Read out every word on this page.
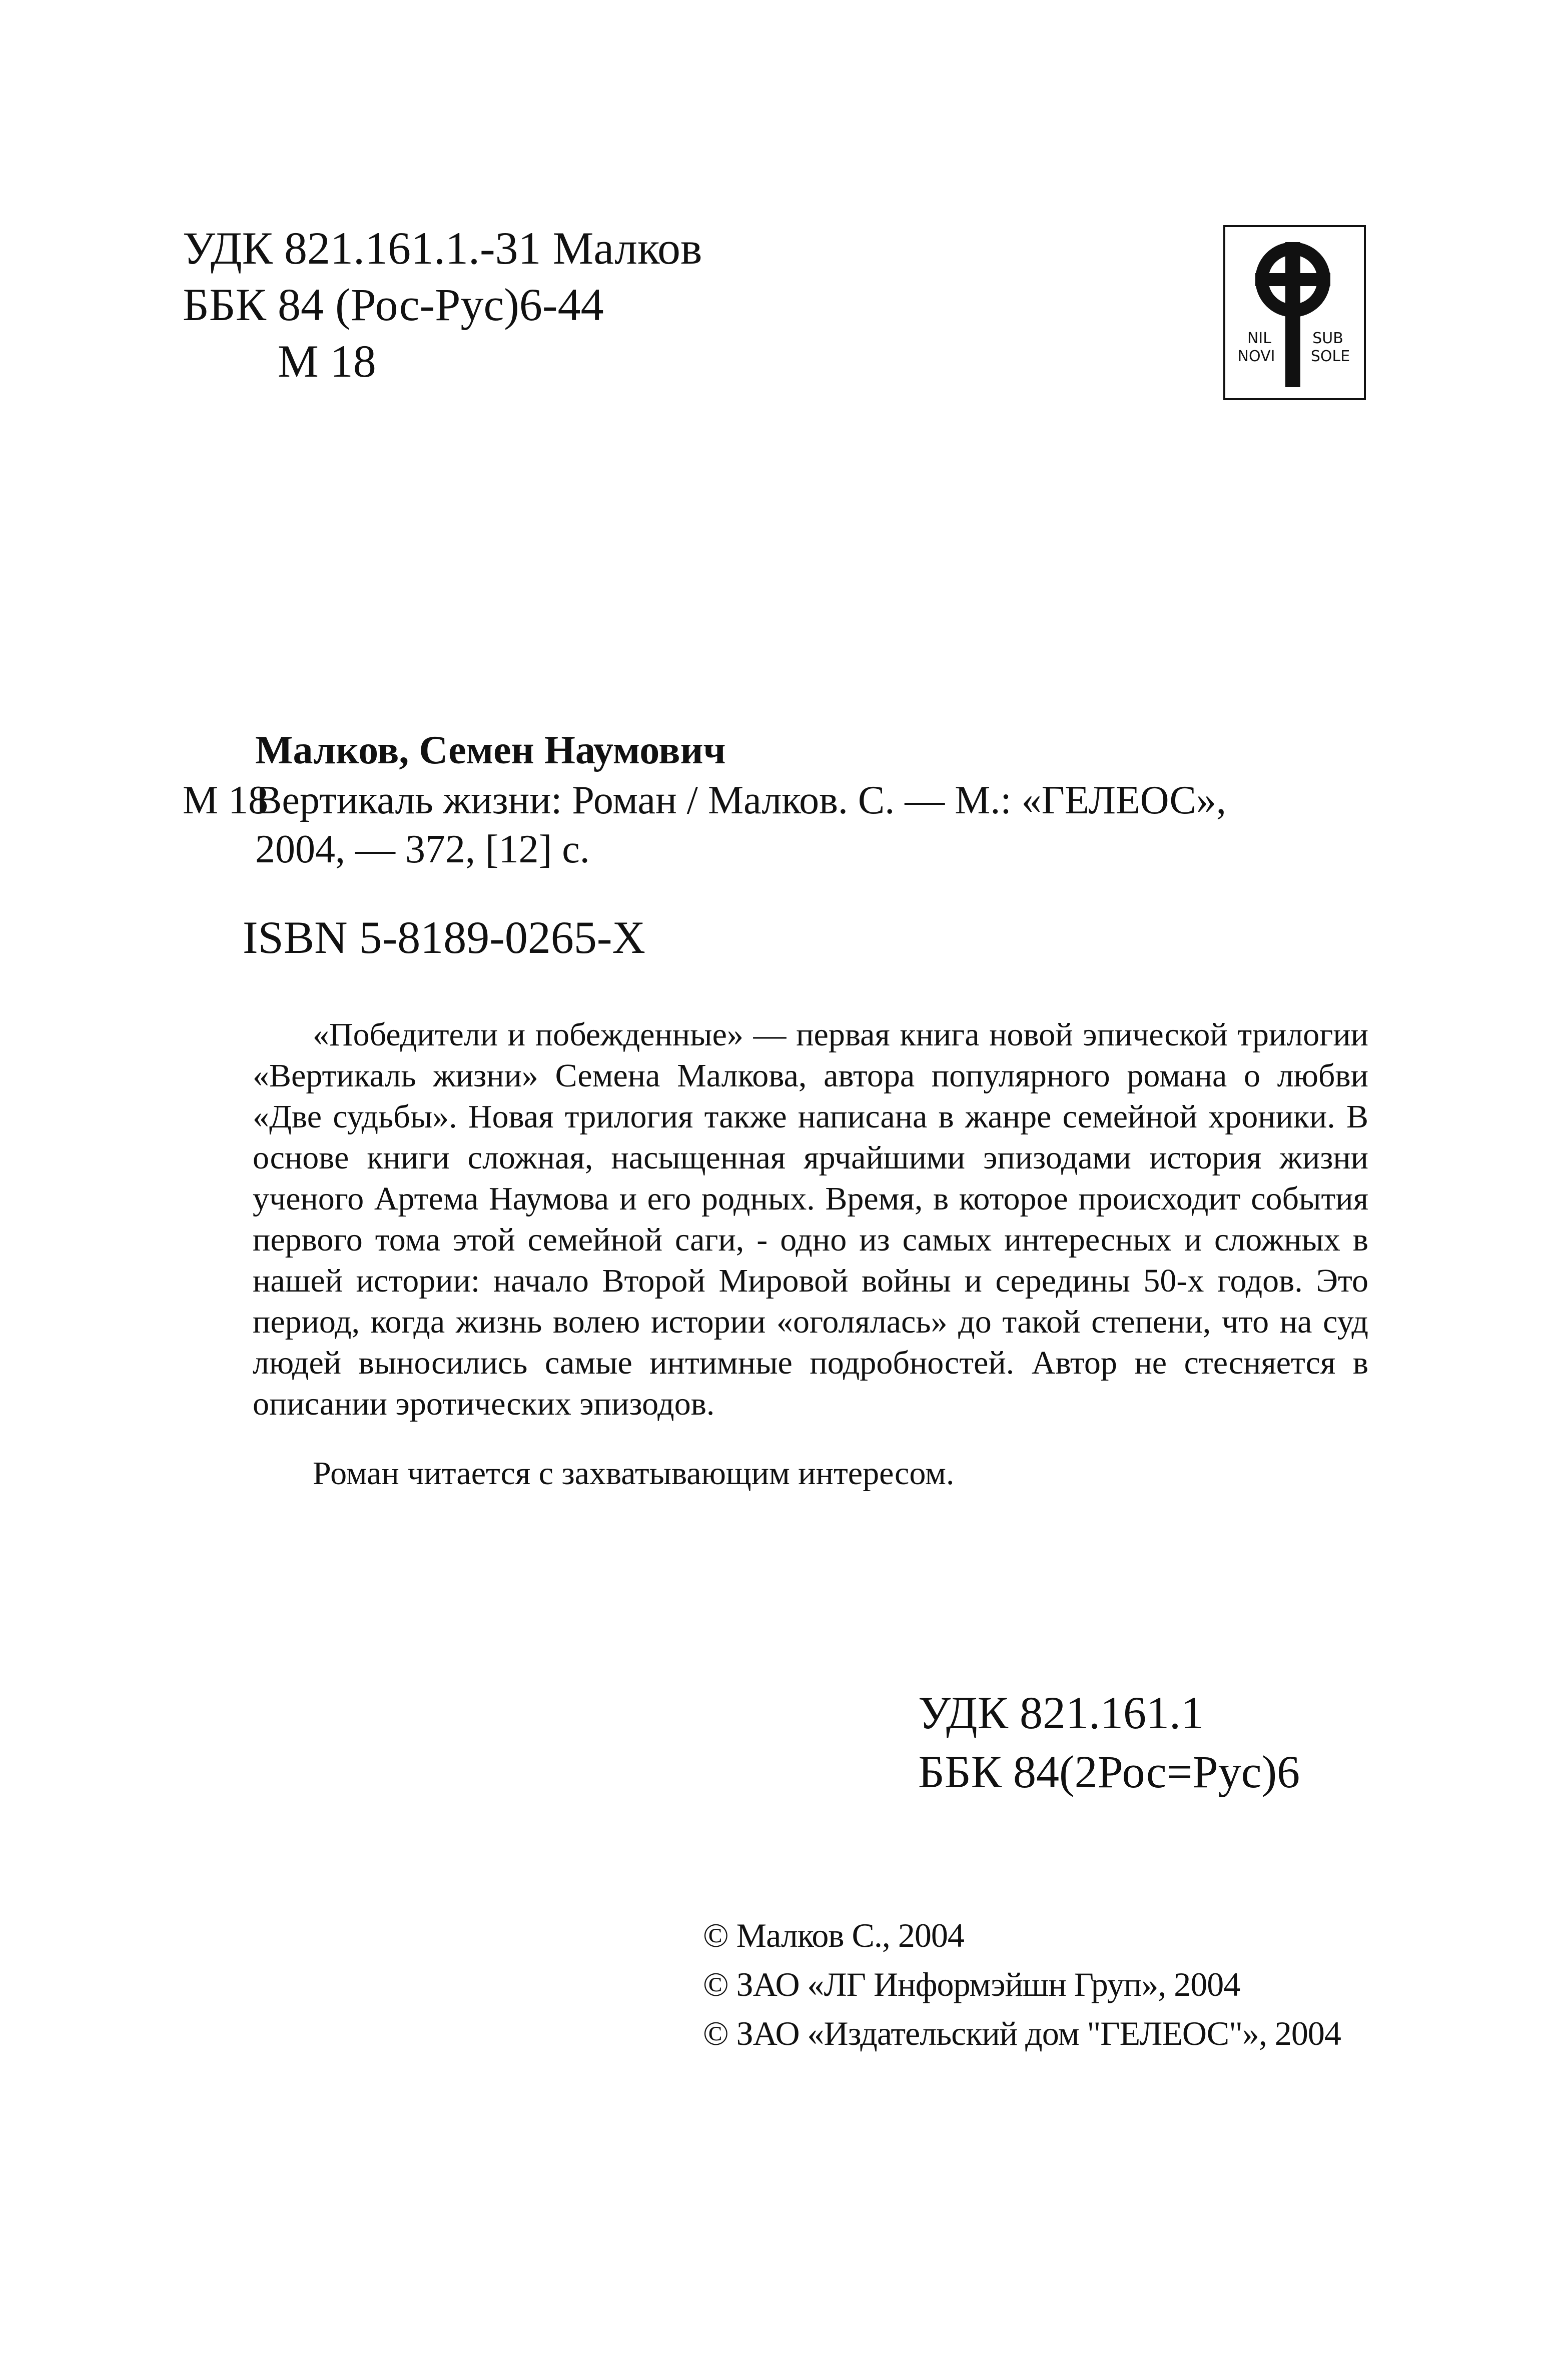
УДК 821.161.1.-31 Малков
ББК 84 (Рос-Рус)6-44
М 18	NIL	SUB
NOVI SOLE
Малков, Семен Наумович
М 18Вертикаль жизни: Роман / Малков. С. — М.: «ГЕЛЕОС»,
2004, — 372, [12] с.
ISBN 5-8189-0265-X
«Победители и побежденные» — первая книга новой эпической трилогии «Вертикаль жизни» Семена Малкова, автора популярного романа о любви «Две судьбы». Новая трилогия также написана в жанре семейной хроники. В основе книги сложная, насыщенная ярчайшими эпизодами история жизни ученого Артема Наумова и его родных. Время, в которое происходит события первого тома этой семейной саги, - одно из самых интересных и сложных в нашей истории: начало Второй Мировой войны и середины 50-х годов. Это период, когда жизнь волею истории «оголялась» до такой степени, что на суд людей выносились самые интимные подробностей. Автор не стесняется в описании эротических эпизодов.
Роман читается с захватывающим интересом.
УДК 821.161.1
ББК 84(2Рос=Рус)6
© Малков С., 2004
© ЗАО «ЛГ Информэйшн Груп», 2004
© ЗАО «Издательский дом "ГЕЛЕОС"», 2004
